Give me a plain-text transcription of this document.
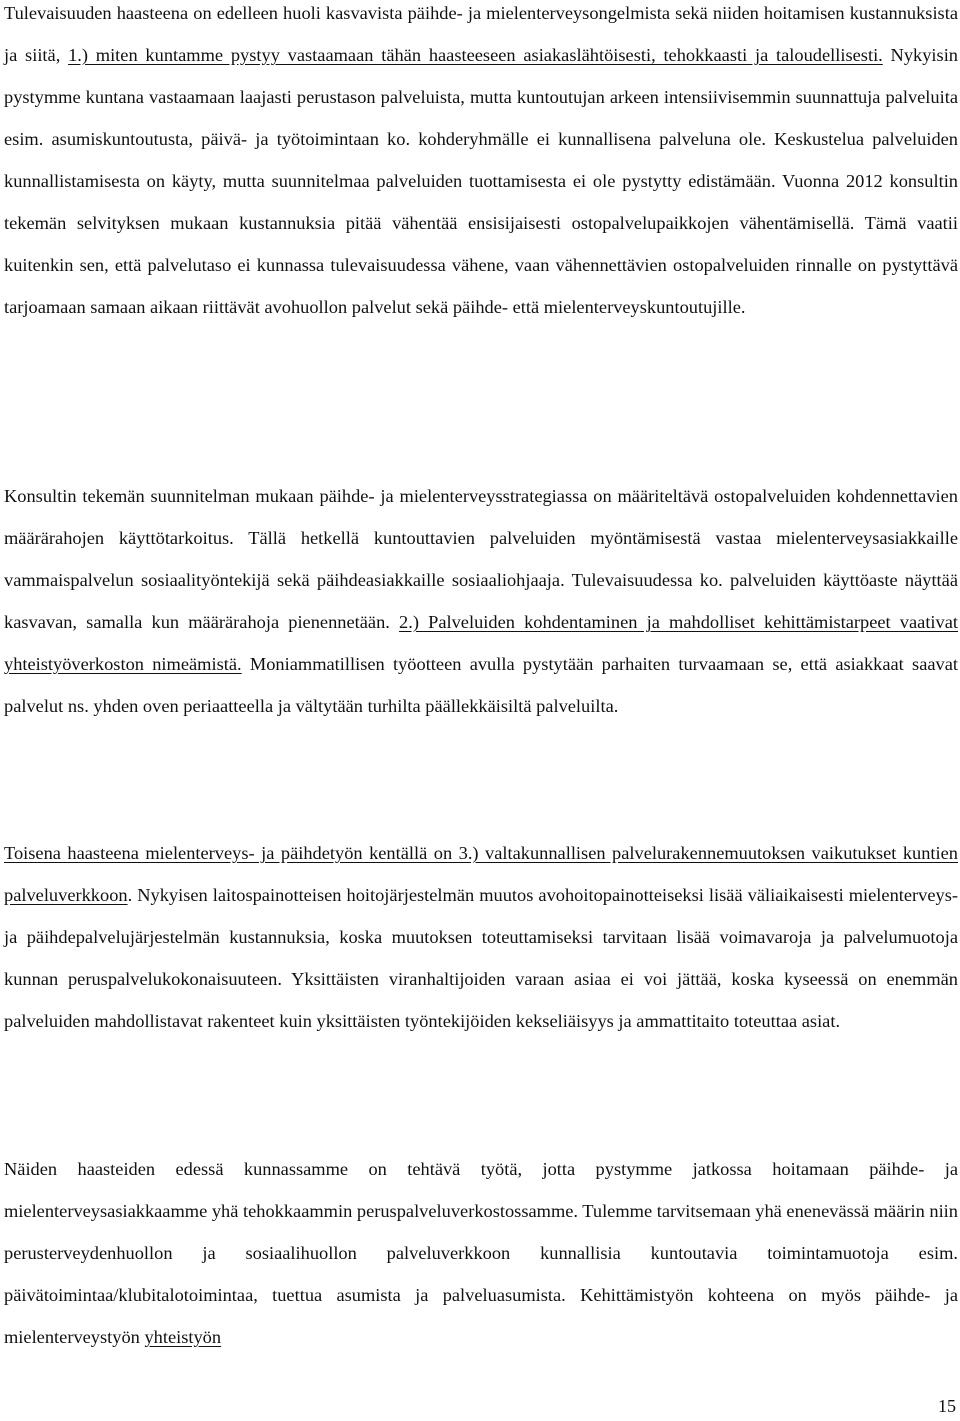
Tulevaisuuden haasteena on edelleen huoli kasvavista päihde- ja mielenterveysongelmista sekä niiden hoitamisen kustannuksista ja siitä, 1.) miten kuntamme pystyy vastaamaan tähän haasteeseen asiakaslähtöisesti, tehokkaasti ja taloudellisesti. Nykyisin pystymme kuntana vastaamaan laajasti perustason palveluista, mutta kuntoutujan arkeen intensiivisemmin suunnattuja palveluita esim. asumiskuntoutusta, päivä- ja työtoimintaan ko. kohderyhmälle ei kunnallisena palveluna ole. Keskustelua palveluiden kunnallistamisesta on käyty, mutta suunnitelmaa palveluiden tuottamisesta ei ole pystytty edistämään. Vuonna 2012 konsultin tekemän selvityksen mukaan kustannuksia pitää vähentää ensisijaisesti ostopalvelupaikkojen vähentämisellä. Tämä vaatii kuitenkin sen, että palvelutaso ei kunnassa tulevaisuudessa vähene, vaan vähennettävien ostopalveluiden rinnalle on pystyttävä tarjoamaan samaan aikaan riittävät avohuollon palvelut sekä päihde- että mielenterveyskuntoutujille.

Konsultin tekemän suunnitelman mukaan päihde- ja mielenterveysstrategiassa on määriteltävä ostopalveluiden kohdennettavien määrärahojen käyttötarkoitus. Tällä hetkellä kuntouttavien palveluiden myöntämisestä vastaa mielenterveysasiakkaille vammaispalvelun sosiaalityöntekijä sekä päihdeasiakkaille sosiaaliohjaaja. Tulevaisuudessa ko. palveluiden käyttöaste näyttää kasvavan, samalla kun määrärahoja pienennetään. 2.) Palveluiden kohdentaminen ja mahdolliset kehittämistarpeet vaativat yhteistyöverkoston nimeämistä. Moniammatillisen työotteen avulla pystytään parhaiten turvaamaan se, että asiakkaat saavat palvelut ns. yhden oven periaatteella ja vältytään turhilta päällekkäisiltä palveluilta.

Toisena haasteena mielenterveys- ja päihdetyön kentällä on 3.) valtakunnallisen palvelurakennemuutoksen vaikutukset kuntien palveluverkkoon. Nykyisen laitospainotteisen hoitojärjestelmän muutos avohoitopainotteiseksi lisää väliaikaisesti mielenterveys- ja päihdepalvelujärjestelmän kustannuksia, koska muutoksen toteuttamiseksi tarvitaan lisää voimavaroja ja palvelumuotoja kunnan peruspalvelukokonaisuuteen. Yksittäisten viranhaltijoiden varaan asiaa ei voi jättää, koska kyseessä on enemmän palveluiden mahdollistavat rakenteet kuin yksittäisten työntekijöiden kekseliäisyys ja ammattitaito toteuttaa asiat.

Näiden haasteiden edessä kunnassamme on tehtävä työtä, jotta pystymme jatkossa hoitamaan päihde- ja mielenterveysasiakkaamme yhä tehokkaammin peruspalveluverkostossamme. Tulemme tarvitsemaan yhä enenevässä määrin niin perusterveydenhuollon ja sosiaalihuollon palveluverkkoon kunnallisia kuntoutavia toimintamuotoja esim. päivätoimintaa/klubitalotoimintaa, tuettua asumista ja palveluasumista. Kehittämistyön kohteena on myös päihde- ja mielenterveystyön yhteistyön

15
